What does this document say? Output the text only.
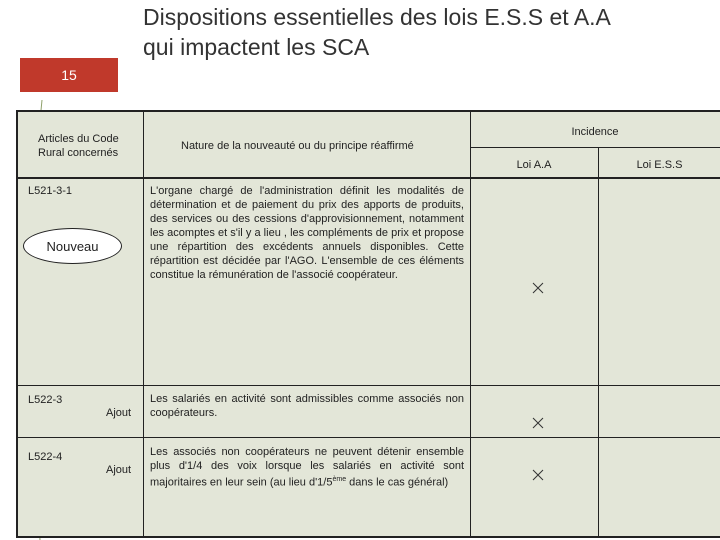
15
Dispositions essentielles des lois E.S.S et A.A
qui impactent les SCA
Articles du Code Rural concernés
Nature de la nouveauté ou du principe réaffirmé
Incidence
Loi A.A	Loi E.S.S
L521-3-1
Nouveau
L'organe chargé de l'administration définit les modalités de détermination et de paiement du prix des apports de produits, des services ou des cessions d'approvisionnement, notamment les acomptes et s'il y a lieu , les compléments de prix et propose une répartition des excédents annuels disponibles. Cette répartition est décidée par l'AGO. L'ensemble de ces éléments constitue la rémunération de l'associé coopérateur.
L522-3
Ajout
Les salariés en activité sont admissibles comme associés non coopérateurs.
L522-4
Ajout
Les associés non coopérateurs ne peuvent détenir ensemble plus d'1/4 des voix lorsque les salariés en activité sont majoritaires en leur sein (au lieu d'1/5ème dans le cas général)
